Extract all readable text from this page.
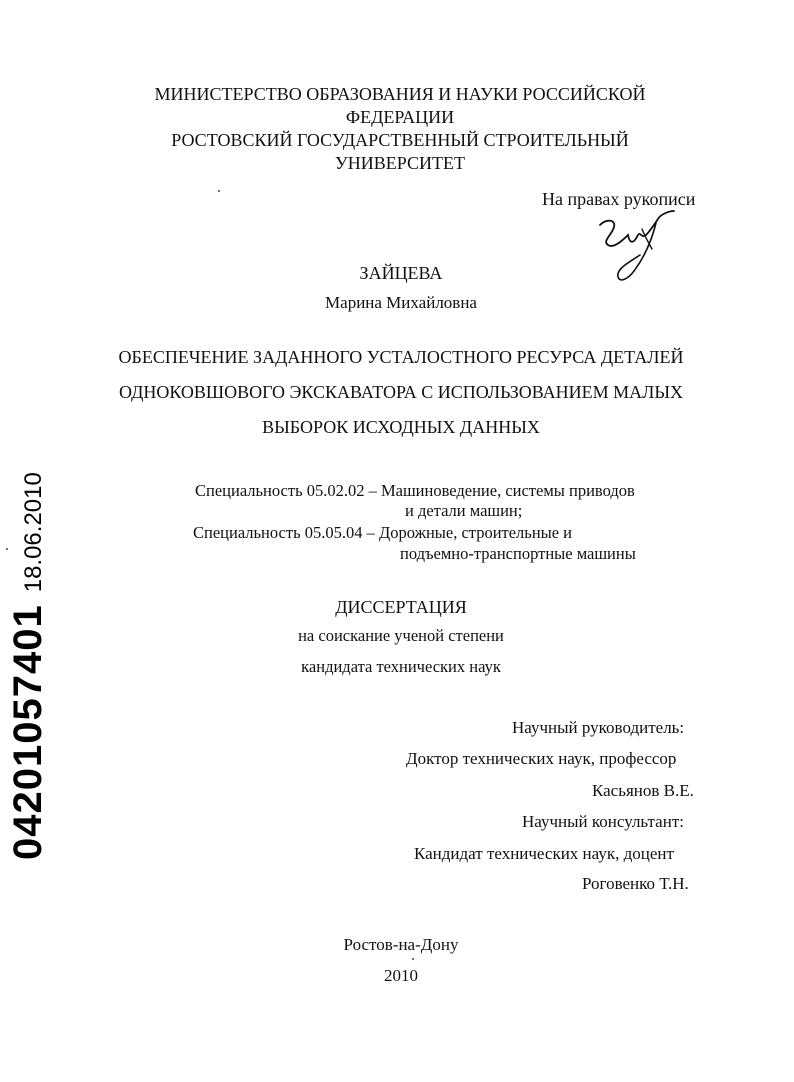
МИНИСТЕРСТВО ОБРАЗОВАНИЯ И НАУКИ РОССИЙСКОЙ
ФЕДЕРАЦИИ
РОСТОВСКИЙ ГОСУДАРСТВЕННЫЙ СТРОИТЕЛЬНЫЙ
УНИВЕРСИТЕТ
На правах рукописи
ЗАЙЦЕВА
Марина Михайловна
ОБЕСПЕЧЕНИЕ ЗАДАННОГО УСТАЛОСТНОГО РЕСУРСА ДЕТАЛЕЙ
ОДНОКОВШОВОГО ЭКСКАВАТОРА С ИСПОЛЬЗОВАНИЕМ МАЛЫХ
ВЫБОРОК ИСХОДНЫХ ДАННЫХ
Специальность 05.02.02 – Машиноведение, системы приводов
и детали машин;
Специальность 05.05.04 – Дорожные, строительные и
подъемно-транспортные машины
ДИССЕРТАЦИЯ
на соискание ученой степени
кандидата технических наук
Научный руководитель:
Доктор технических наук, профессор
Касьянов В.Е.
Научный консультант:
Кандидат технических наук, доцент
Роговенко Т.Н.
Ростов-на-Дону
2010
04201057401
18.06.2010
